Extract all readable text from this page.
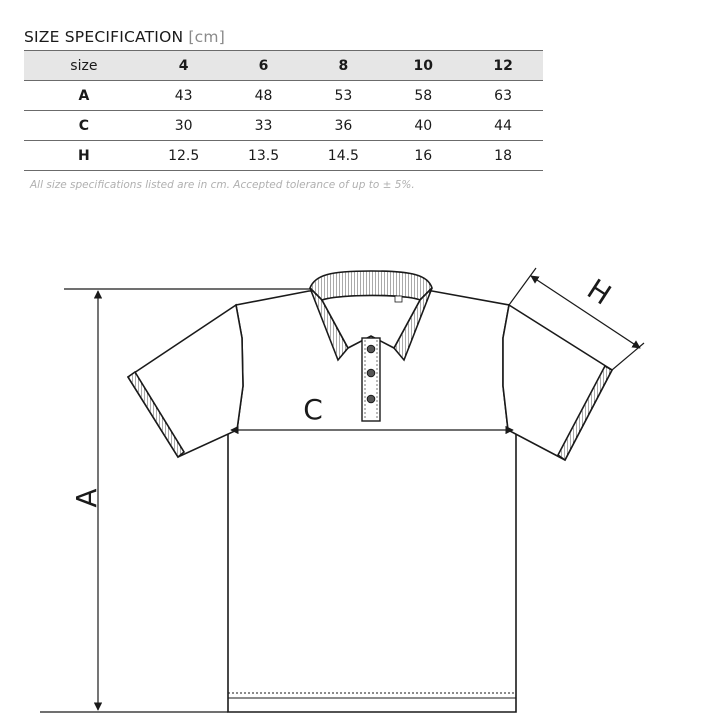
SIZE SPECIFICATION [cm]
size	4	6	8	10	12
A	43	48	53	58	63
C	30	33	36	40	44
H	12.5	13.5	14.5	16	18
All size specifications listed are in cm. Accepted tolerance of up to ± 5%.
A
C
H
